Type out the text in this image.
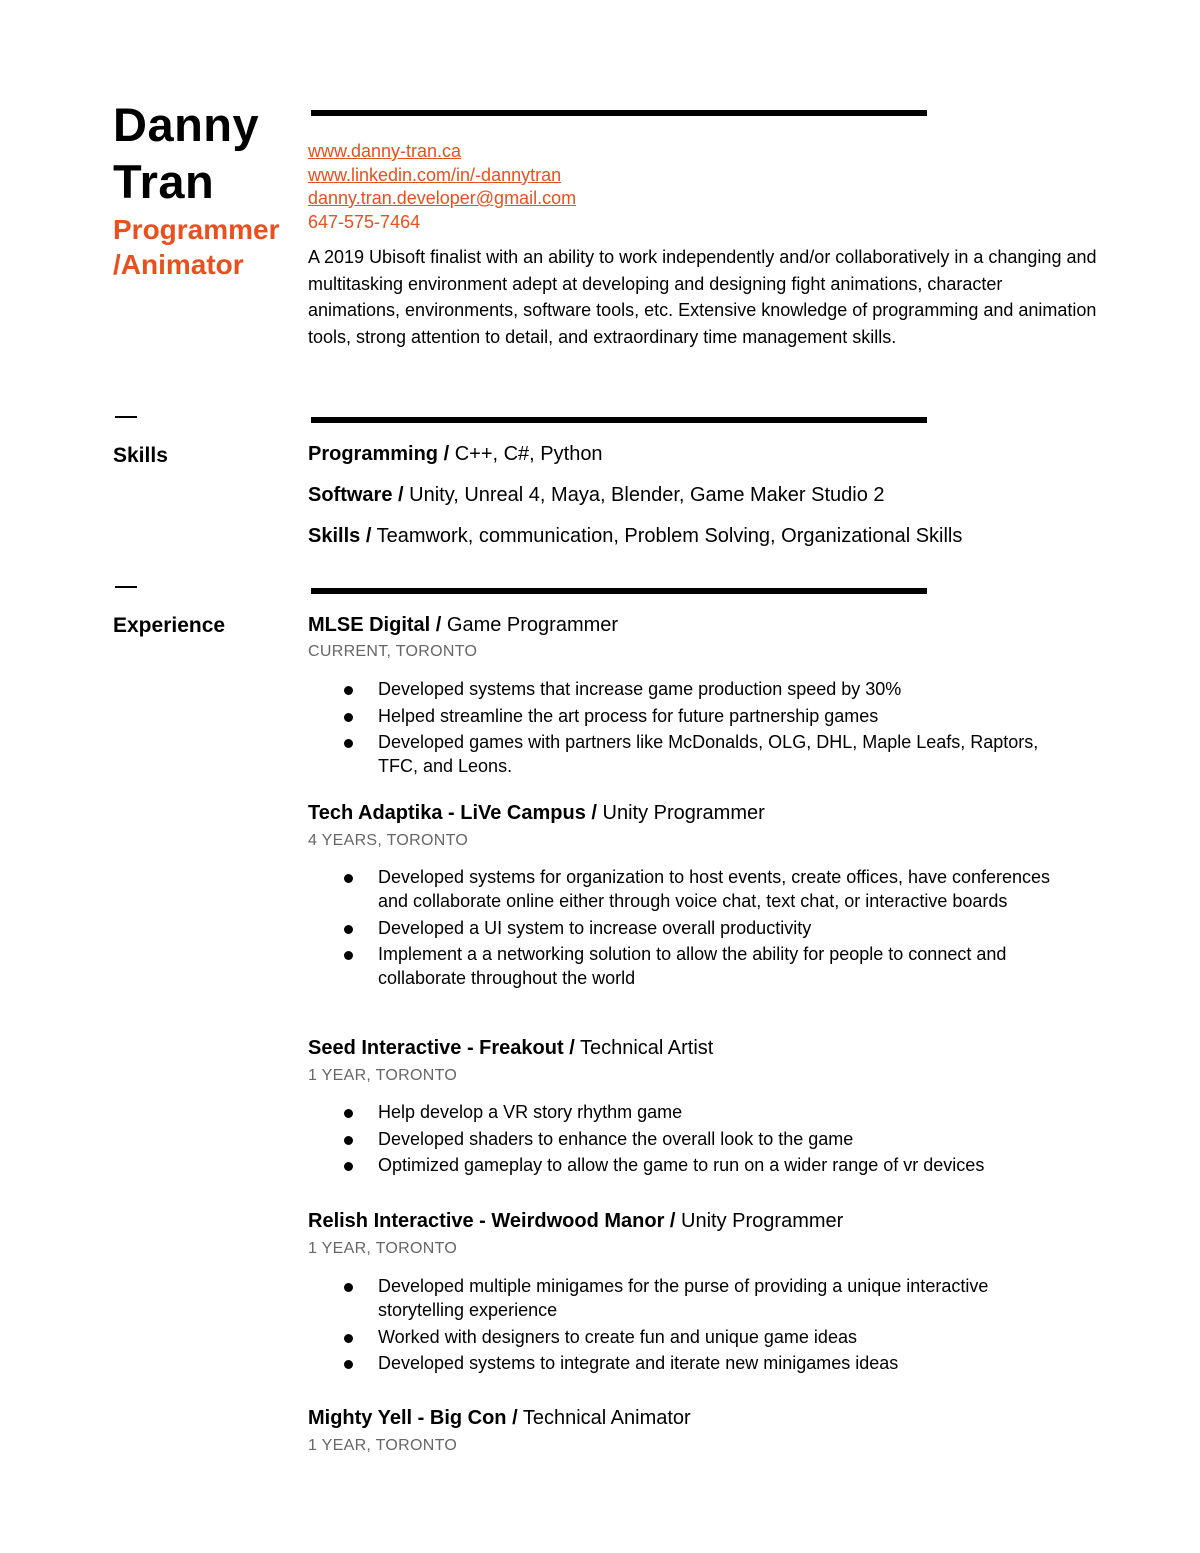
Danny
Tran
Programmer
/Animator
www.danny-tran.ca
www.linkedin.com/in/-dannytran
danny.tran.developer@gmail.com
647-575-7464
A 2019 Ubisoft finalist with an ability to work independently and/or collaboratively in a changing and multitasking environment adept at developing and designing fight animations, character animations, environments, software tools, etc. Extensive knowledge of programming and animation tools, strong attention to detail, and extraordinary time management skills.
Skills	Programming / C++, C#, Python
Software / Unity, Unreal 4, Maya, Blender, Game Maker Studio 2
Skills / Teamwork, communication, Problem Solving, Organizational Skills
Experience	MLSE Digital / Game Programmer
CURRENT, TORONTO
Developed systems that increase game production speed by 30%
Helped streamline the art process for future partnership games
Developed games with partners like McDonalds, OLG, DHL, Maple Leafs, Raptors, TFC, and Leons.
Tech Adaptika - LiVe Campus / Unity Programmer
4 YEARS, TORONTO
Developed systems for organization to host events, create offices, have conferences and collaborate online either through voice chat, text chat, or interactive boards
Developed a UI system to increase overall productivity
Implement a a networking solution to allow the ability for people to connect and collaborate throughout the world
Seed Interactive - Freakout / Technical Artist
1 YEAR, TORONTO
Help develop a VR story rhythm game
Developed shaders to enhance the overall look to the game
Optimized gameplay to allow the game to run on a wider range of vr devices
Relish Interactive - Weirdwood Manor / Unity Programmer
1 YEAR, TORONTO
Developed multiple minigames for the purse of providing a unique interactive storytelling experience
Worked with designers to create fun and unique game ideas
Developed systems to integrate and iterate new minigames ideas
Mighty Yell - Big Con / Technical Animator
1 YEAR, TORONTO
